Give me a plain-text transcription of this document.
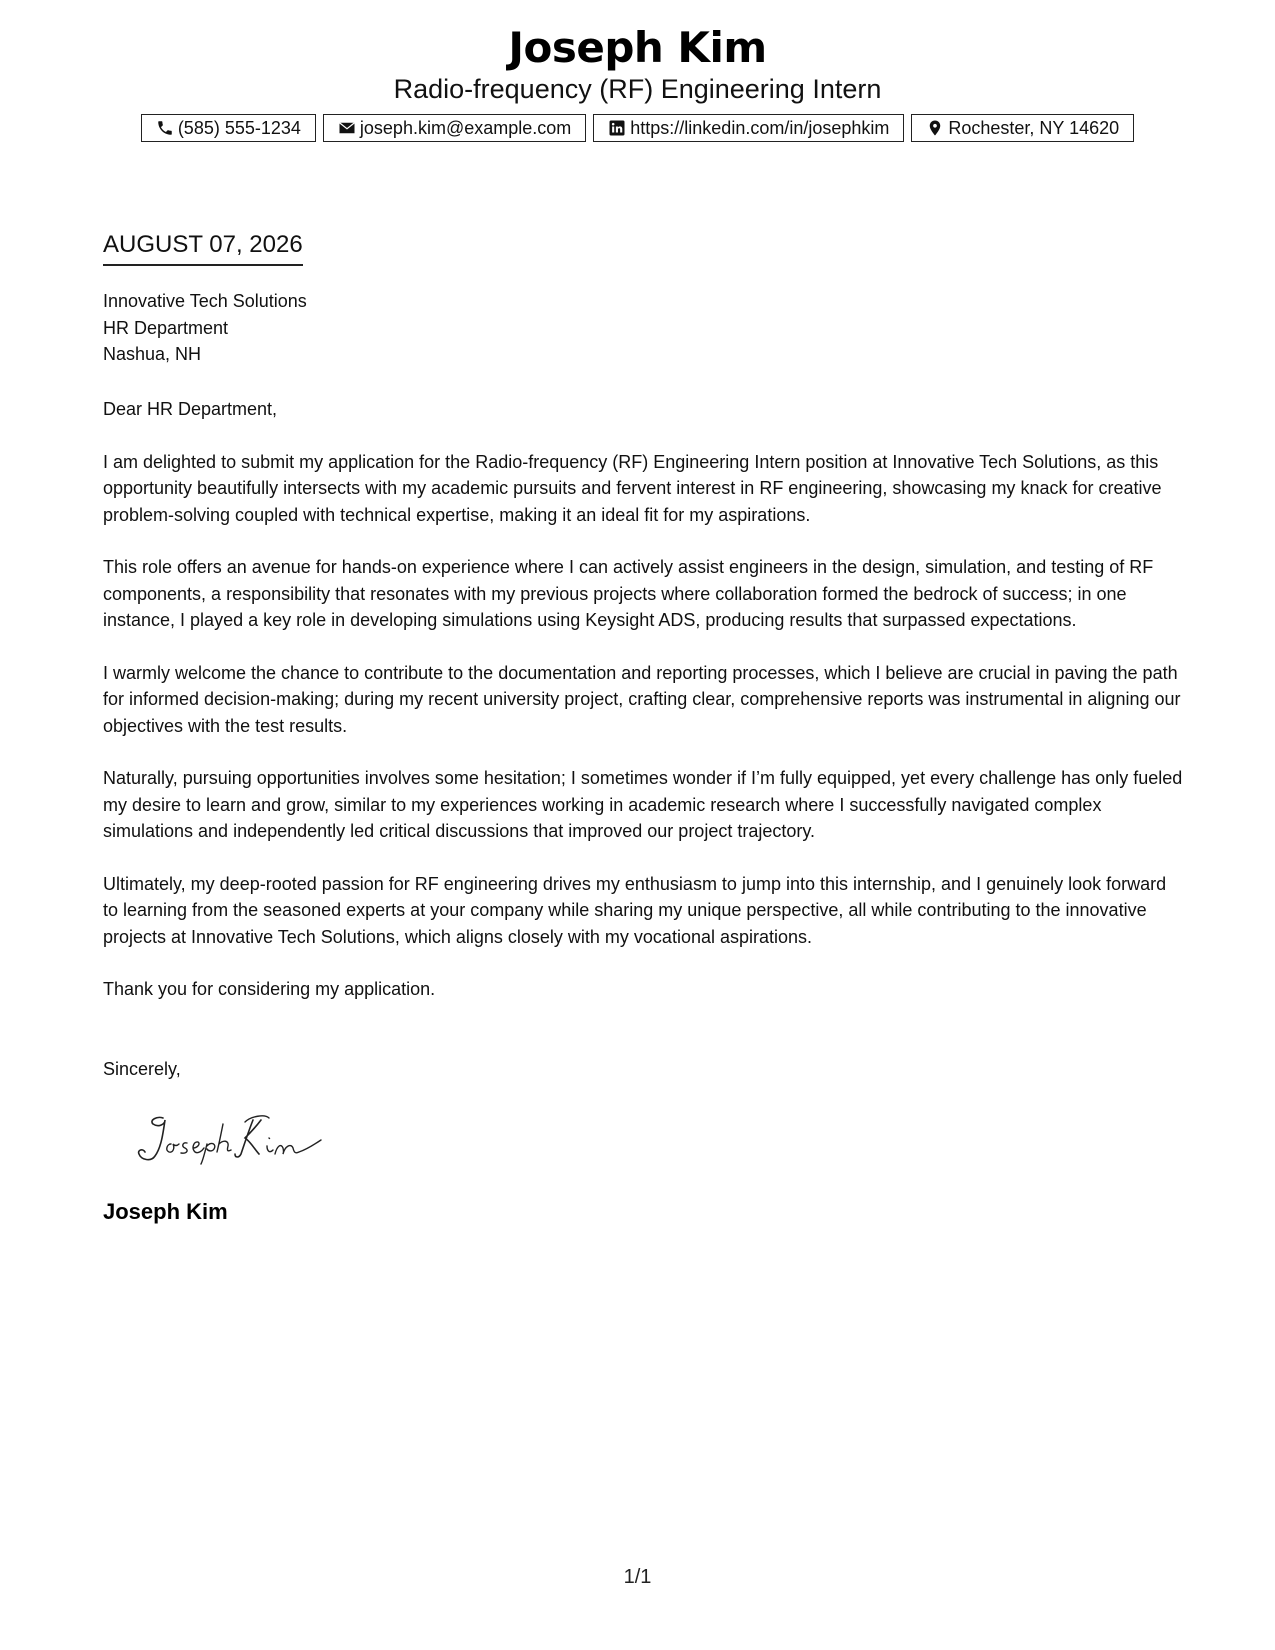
Joseph Kim
Radio-frequency (RF) Engineering Intern
(585) 555-1234	joseph.kim@example.com	https://linkedin.com/in/josephkim	Rochester, NY 14620
AUGUST 07, 2026
Innovative Tech Solutions
HR Department
Nashua, NH

Dear HR Department,

I am delighted to submit my application for the Radio-frequency (RF) Engineering Intern position at Innovative Tech Solutions, as this opportunity beautifully intersects with my academic pursuits and fervent interest in RF engineering, showcasing my knack for creative problem-solving coupled with technical expertise, making it an ideal fit for my aspirations.

This role offers an avenue for hands-on experience where I can actively assist engineers in the design, simulation, and testing of RF components, a responsibility that resonates with my previous projects where collaboration formed the bedrock of success; in one instance, I played a key role in developing simulations using Keysight ADS, producing results that surpassed expectations.

I warmly welcome the chance to contribute to the documentation and reporting processes, which I believe are crucial in paving the path for informed decision-making; during my recent university project, crafting clear, comprehensive reports was instrumental in aligning our objectives with the test results.

Naturally, pursuing opportunities involves some hesitation; I sometimes wonder if I’m fully equipped, yet every challenge has only fueled my desire to learn and grow, similar to my experiences working in academic research where I successfully navigated complex simulations and independently led critical discussions that improved our project trajectory.

Ultimately, my deep-rooted passion for RF engineering drives my enthusiasm to jump into this internship, and I genuinely look forward to learning from the seasoned experts at your company while sharing my unique perspective, all while contributing to the innovative projects at Innovative Tech Solutions, which aligns closely with my vocational aspirations.

Thank you for considering my application.

Sincerely,
Joseph Kim
1/1
